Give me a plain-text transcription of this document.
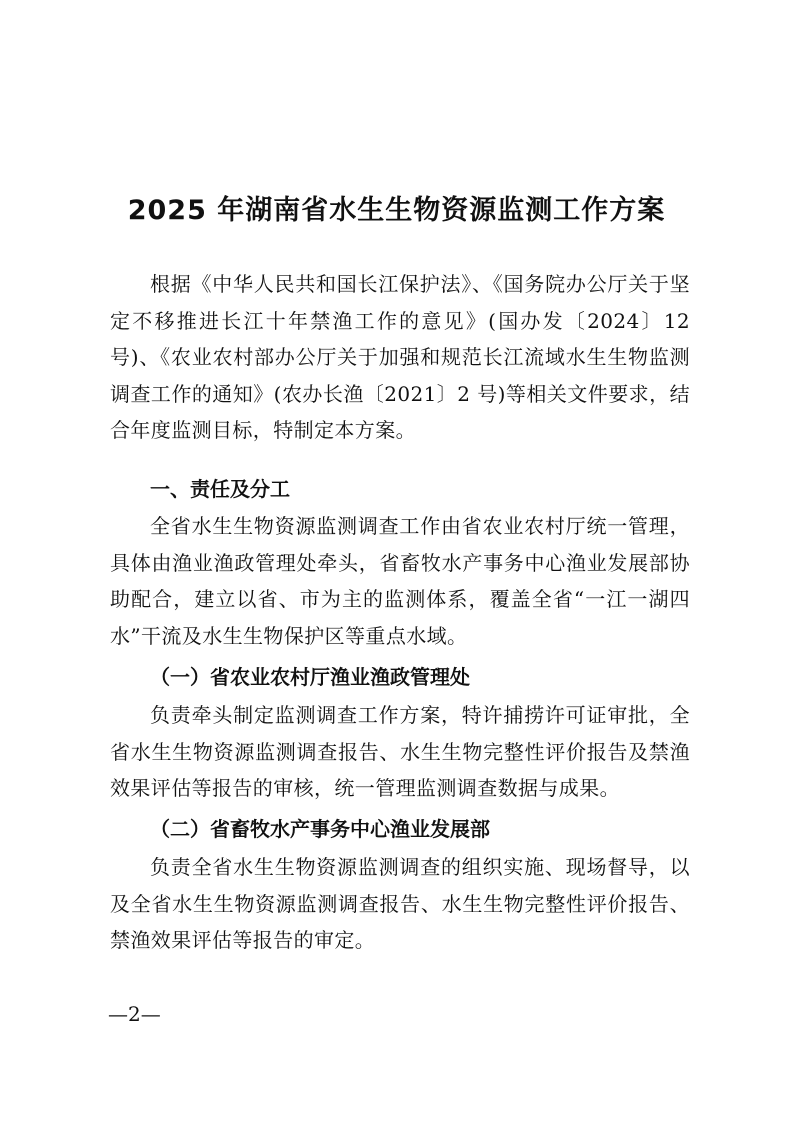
2025 年湖南省水生生物资源监测工作方案

根据《中华人民共和国长江保护法》、《国务院办公厅关于坚定不移推进长江十年禁渔工作的意见》(国办发〔2024〕12 号)、《农业农村部办公厅关于加强和规范长江流域水生生物监测调查工作的通知》(农办长渔〔2021〕2 号)等相关文件要求，结合年度监测目标，特制定本方案。

一、责任及分工

全省水生生物资源监测调查工作由省农业农村厅统一管理，具体由渔业渔政管理处牵头，省畜牧水产事务中心渔业发展部协助配合，建立以省、市为主的监测体系，覆盖全省“一江一湖四水”干流及水生生物保护区等重点水域。

（一）省农业农村厅渔业渔政管理处

负责牵头制定监测调查工作方案，特许捕捞许可证审批，全省水生生物资源监测调查报告、水生生物完整性评价报告及禁渔效果评估等报告的审核，统一管理监测调查数据与成果。

（二）省畜牧水产事务中心渔业发展部

负责全省水生生物资源监测调查的组织实施、现场督导，以及全省水生生物资源监测调查报告、水生生物完整性评价报告、禁渔效果评估等报告的审定。

—2—
